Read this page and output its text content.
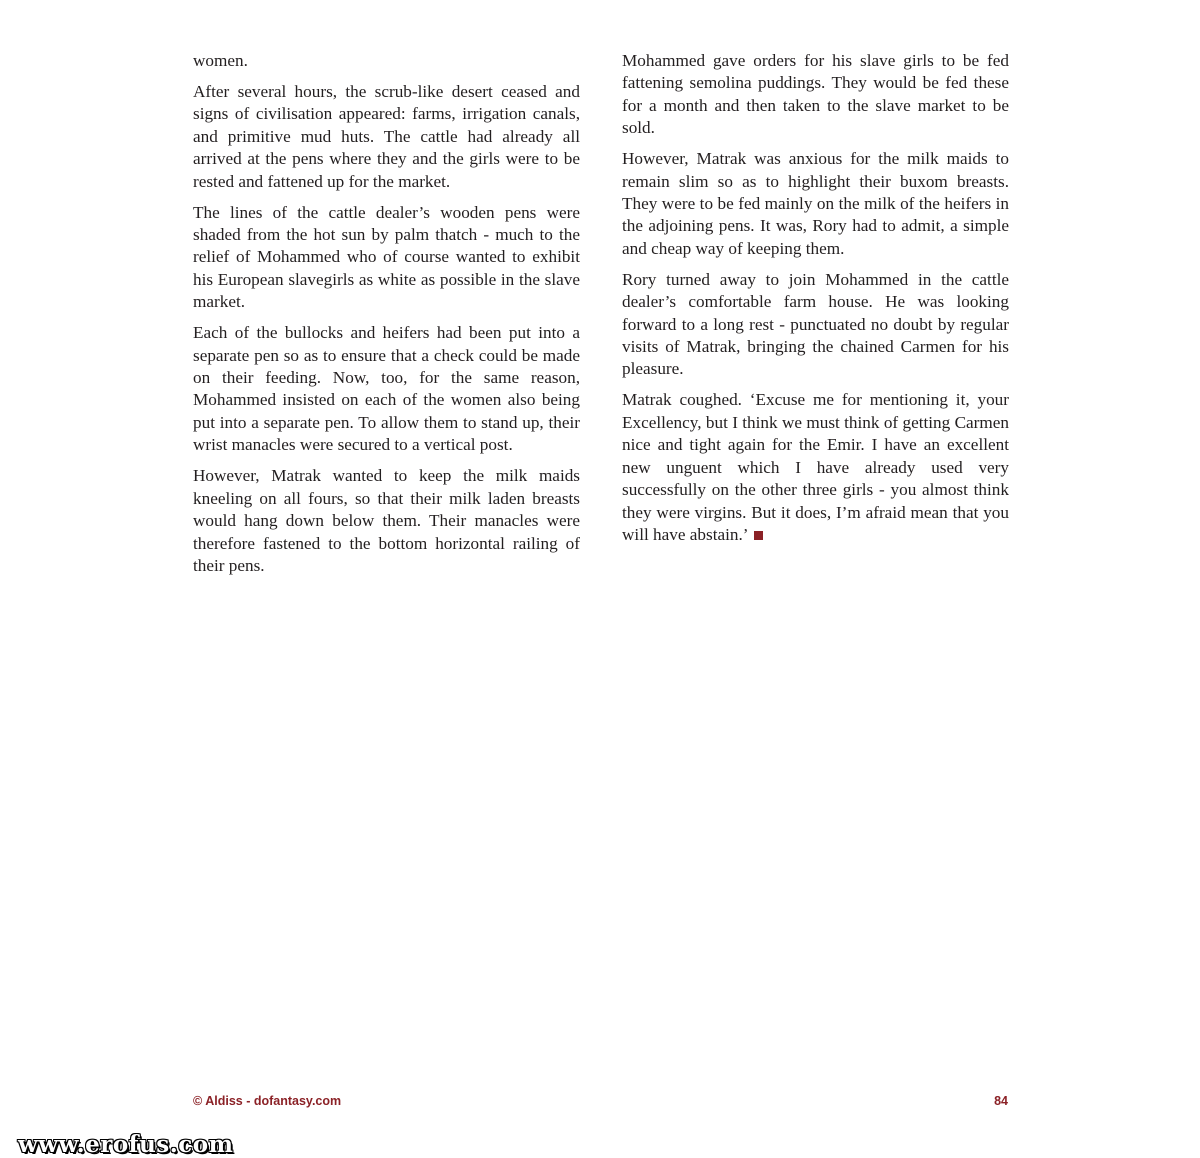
women.

After several hours, the scrub-like desert ceased and signs of civilisation appeared: farms, irrigation canals, and primitive mud huts. The cattle had already all arrived at the pens where they and the girls were to be rested and fattened up for the market.

The lines of the cattle dealer’s wooden pens were shaded from the hot sun by palm thatch - much to the relief of Mohammed who of course wanted to exhibit his European slavegirls as white as possible in the slave market.

Each of the bullocks and heifers had been put into a separate pen so as to ensure that a check could be made on their feeding. Now, too, for the same reason, Mohammed insisted on each of the women also being put into a separate pen. To allow them to stand up, their wrist manacles were secured to a vertical post.

However, Matrak wanted to keep the milk maids kneeling on all fours, so that their milk laden breasts would hang down below them. Their manacles were therefore fastened to the bottom horizontal railing of their pens.

Mohammed gave orders for his slave girls to be fed fattening semolina puddings. They would be fed these for a month and then taken to the slave market to be sold.

However, Matrak was anxious for the milk maids to remain slim so as to highlight their buxom breasts. They were to be fed mainly on the milk of the heifers in the adjoining pens. It was, Rory had to admit, a simple and cheap way of keeping them.

Rory turned away to join Mohammed in the cattle dealer’s comfortable farm house. He was looking forward to a long rest - punctuated no doubt by regular visits of Matrak, bringing the chained Carmen for his pleasure.

Matrak coughed. ‘Excuse me for mentioning it, your Excellency, but I think we must think of getting Carmen nice and tight again for the Emir. I have an excellent new unguent which I have already used very successfully on the other three girls - you almost think they were virgins. But it does, I’m afraid mean that you will have abstain.’

© Aldiss - dofantasy.com	84
www.erofus.com
